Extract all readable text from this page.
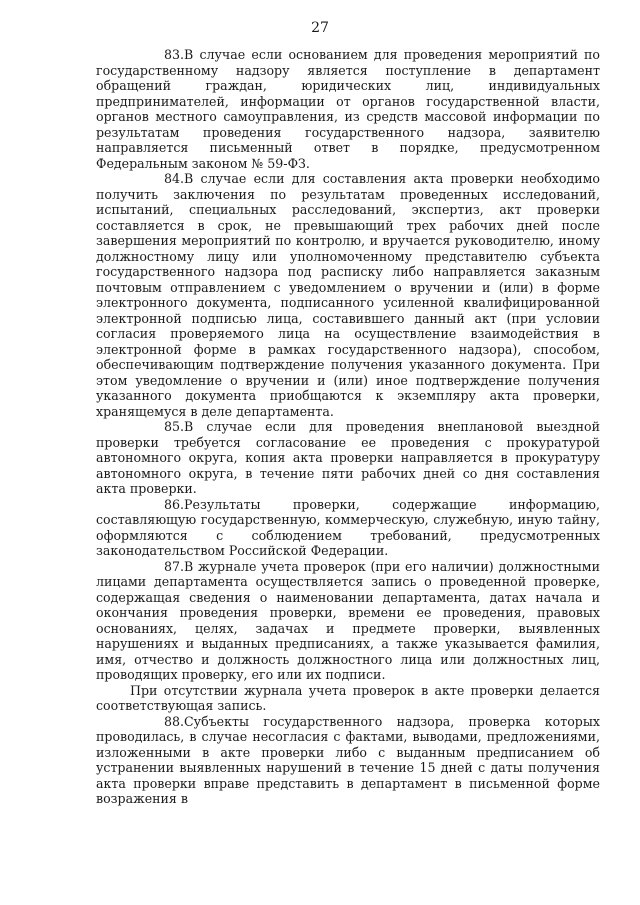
27

83.В случае если основанием для проведения мероприятий по государственному надзору является поступление в департамент обращений граждан, юридических лиц, индивидуальных предпринимателей, информации от органов государственной власти, органов местного самоуправления, из средств массовой информации по результатам проведения государственного надзора, заявителю направляется письменный ответ в порядке, предусмотренном Федеральным законом № 59-ФЗ.

84.В случае если для составления акта проверки необходимо получить заключения по результатам проведенных исследований, испытаний, специальных расследований, экспертиз, акт проверки составляется в срок, не превышающий трех рабочих дней после завершения мероприятий по контролю, и вручается руководителю, иному должностному лицу или уполномоченному представителю субъекта государственного надзора под расписку либо направляется заказным почтовым отправлением с уведомлением о вручении и (или) в форме электронного документа, подписанного усиленной квалифицированной электронной подписью лица, составившего данный акт (при условии согласия проверяемого лица на осуществление взаимодействия в электронной форме в рамках государственного надзора), способом, обеспечивающим подтверждение получения указанного документа. При этом уведомление о вручении и (или) иное подтверждение получения указанного документа приобщаются к экземпляру акта проверки, хранящемуся в деле департамента.

85.В случае если для проведения внеплановой выездной проверки требуется согласование ее проведения с прокуратурой автономного округа, копия акта проверки направляется в прокуратуру автономного округа, в течение пяти рабочих дней со дня составления акта проверки.

86.Результаты проверки, содержащие информацию, составляющую государственную, коммерческую, служебную, иную тайну, оформляются с соблюдением требований, предусмотренных законодательством Российской Федерации.

87.В журнале учета проверок (при его наличии) должностными лицами департамента осуществляется запись о проведенной проверке, содержащая сведения о наименовании департамента, датах начала и окончания проведения проверки, времени ее проведения, правовых основаниях, целях, задачах и предмете проверки, выявленных нарушениях и выданных предписаниях, а также указывается фамилия, имя, отчество и должность должностного лица или должностных лиц, проводящих проверку, его или их подписи.

При отсутствии журнала учета проверок в акте проверки делается соответствующая запись.

88.Субъекты государственного надзора, проверка которых проводилась, в случае несогласия с фактами, выводами, предложениями, изложенными в акте проверки либо с выданным предписанием об устранении выявленных нарушений в течение 15 дней с даты получения акта проверки вправе представить в департамент в письменной форме возражения в
